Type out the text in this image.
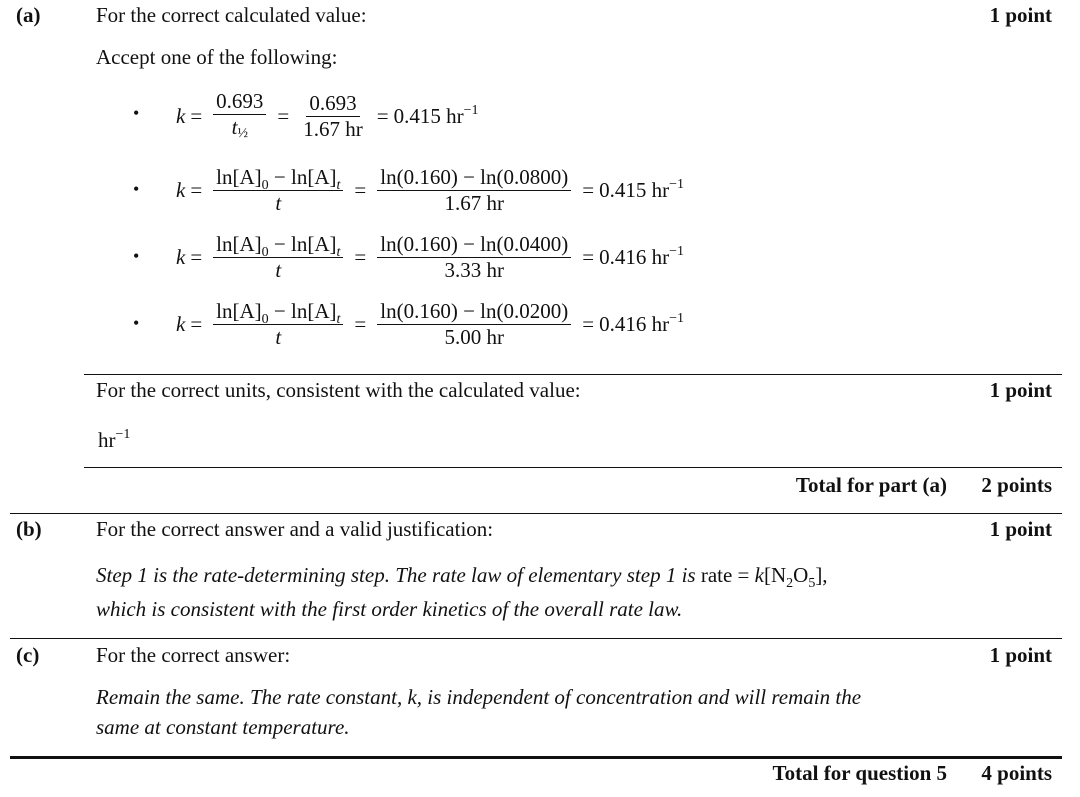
(a)	For the correct calculated value:	1 point
Accept one of the following:
• $k = \frac{0.693}{\text{t½}} = \frac{0.693}{1.67 hr} = 0.415$ $hr^{-1}$
• $k = \frac{\ln[A]_0 - \ln[A]_t}{t} = \frac{\ln(0.160) - \ln(0.0800)}{1.67 hr} = 0.415$ $hr^{-1}$
• $k = \frac{\ln[A]_0 - \ln[A]_t}{t} = \frac{\ln(0.160) - \ln(0.0400)}{3.33 hr} = 0.416$ $hr^{-1}$
• $k = \frac{\ln[A]_0 - \ln[A]_t}{t} = \frac{\ln(0.160) - \ln(0.0200)}{5.00 hr} = 0.416$ $hr^{-1}$
For the correct units, consistent with the calculated value:	1 point
$hr^{-1}$
Total for part (a) 2 points
(b)	For the correct answer and a valid justification:	1 point
Step 1 is the rate-determining step. The rate law of elementary step 1 is rate = $k[N_2O_5]$,
which is consistent with the first order kinetics of the overall rate law.
(c)	For the correct answer:	1 point
Remain the same. The rate constant, k, is independent of concentration and will remain the
same at constant temperature.
Total for question 5 4 points
